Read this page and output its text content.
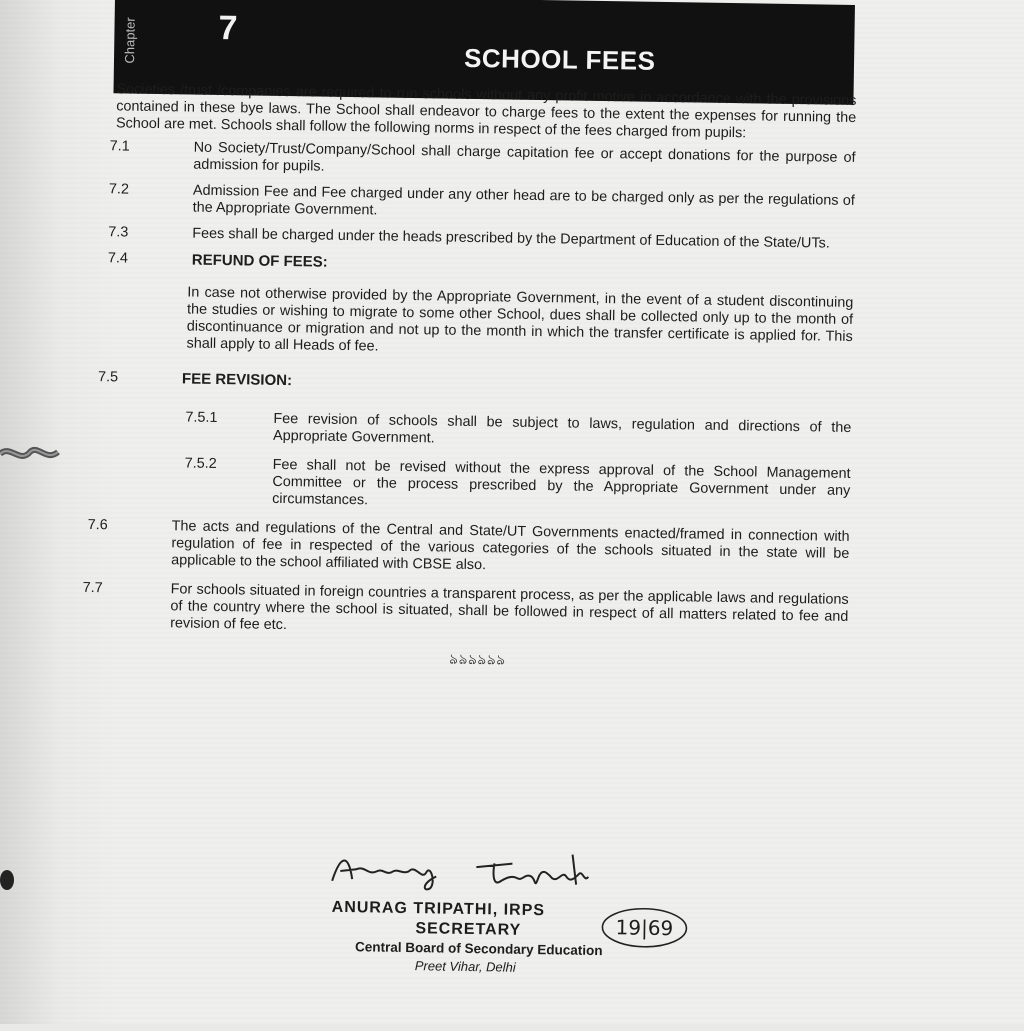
Chapter 7
SCHOOL FEES

Societies /trust /companies are required to run schools without any profit motive in accordance with the provisions contained in these bye laws. The School shall endeavor to charge fees to the extent the expenses for running the School are met. Schools shall follow the following norms in respect of the fees charged from pupils:

7.1	No Society/Trust/Company/School shall charge capitation fee or accept donations for the purpose of admission for pupils.
7.2	Admission Fee and Fee charged under any other head are to be charged only as per the regulations of the Appropriate Government.
7.3	Fees shall be charged under the heads prescribed by the Department of Education of the State/UTs.
7.4	REFUND OF FEES:
In case not otherwise provided by the Appropriate Government, in the event of a student discontinuing the studies or wishing to migrate to some other School, dues shall be collected only up to the month of discontinuance or migration and not up to the month in which the transfer certificate is applied for. This shall apply to all Heads of fee.
7.5	FEE REVISION:
7.5.1	Fee revision of schools shall be subject to laws, regulation and directions of the Appropriate Government.
7.5.2	Fee shall not be revised without the express approval of the School Management Committee or the process prescribed by the Appropriate Government under any circumstances.
7.6	The acts and regulations of the Central and State/UT Governments enacted/framed in connection with regulation of fee in respected of the various categories of the schools situated in the state will be applicable to the school affiliated with CBSE also.
7.7	For schools situated in foreign countries a transparent process, as per the applicable laws and regulations of the country where the school is situated, shall be followed in respect of all matters related to fee and revision of fee etc.
ঌঌঌঌঌঌ
ANURAG TRIPATHI, IRPS
SECRETARY
Central Board of Secondary Education
Preet Vihar, Delhi
19|69
